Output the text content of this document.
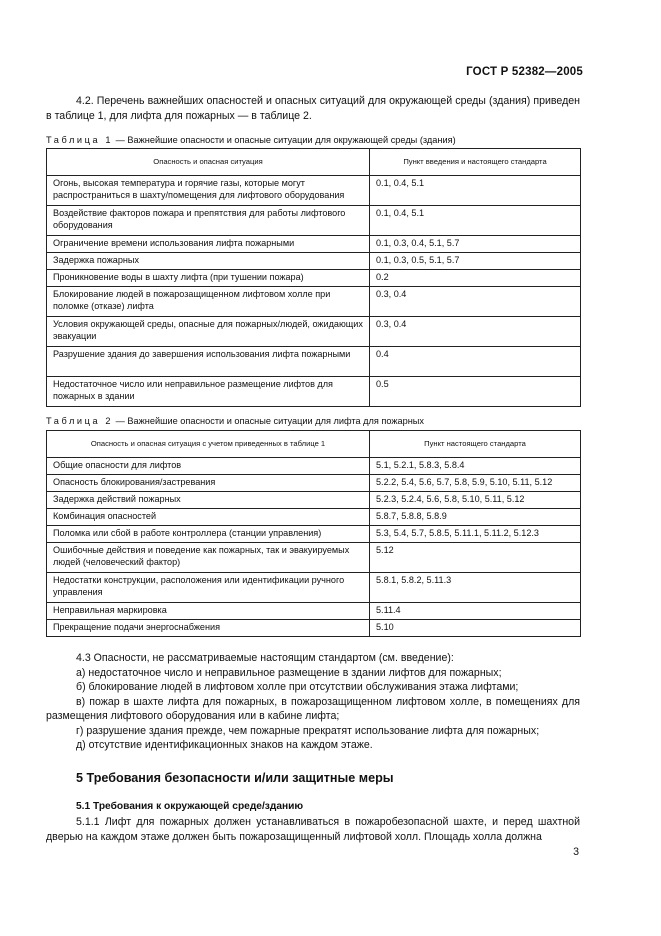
ГОСТ Р 52382—2005
4.2. Перечень важнейших опасностей и опасных ситуаций для окружающей среды (здания) приведен в таблице 1, для лифта для пожарных — в таблице 2.
Таблица 1 — Важнейшие опасности и опасные ситуации для окружающей среды (здания)
Опасность и опасная ситуация	Пункт введения и настоящего стандарта
Огонь, высокая температура и горячие газы, которые могут распространиться в шахту/помещения для лифтового оборудования	0.1, 0.4, 5.1
Воздействие факторов пожара и препятствия для работы лифтового оборудования	0.1, 0.4, 5.1
Ограничение времени использования лифта пожарными	0.1, 0.3, 0.4, 5.1, 5.7
Задержка пожарных	0.1, 0.3, 0.5, 5.1, 5.7
Проникновение воды в шахту лифта (при тушении пожара)	0.2
Блокирование людей в пожарозащищенном лифтовом холле при поломке (отказе) лифта	0.3, 0.4
Условия окружающей среды, опасные для пожарных/людей, ожидающих эвакуации	0.3, 0.4
Разрушение здания до завершения использования лифта пожарными	0.4
Недостаточное число или неправильное размещение лифтов для пожарных в здании	0.5
Таблица 2 — Важнейшие опасности и опасные ситуации для лифта для пожарных
Опасность и опасная ситуация с учетом приведенных в таблице 1	Пункт настоящего стандарта
Общие опасности для лифтов	5.1, 5.2.1, 5.8.3, 5.8.4
Опасность блокирования/застревания	5.2.2, 5.4, 5.6, 5.7, 5.8, 5.9, 5.10, 5.11, 5.12
Задержка действий пожарных	5.2.3, 5.2.4, 5.6, 5.8, 5.10, 5.11, 5.12
Комбинация опасностей	5.8.7, 5.8.8, 5.8.9
Поломка или сбой в работе контроллера (станции управления)	5.3, 5.4, 5.7, 5.8.5, 5.11.1, 5.11.2, 5.12.3
Ошибочные действия и поведение как пожарных, так и эвакуируемых людей (человеческий фактор)	5.12
Недостатки конструкции, расположения или идентификации ручного управления	5.8.1, 5.8.2, 5.11.3
Неправильная маркировка	5.11.4
Прекращение подачи энергоснабжения	5.10
4.3 Опасности, не рассматриваемые настоящим стандартом (см. введение):
а) недостаточное число и неправильное размещение в здании лифтов для пожарных;
б) блокирование людей в лифтовом холле при отсутствии обслуживания этажа лифтами;
в) пожар в шахте лифта для пожарных, в пожарозащищенном лифтовом холле, в помещениях для размещения лифтового оборудования или в кабине лифта;
г) разрушение здания прежде, чем пожарные прекратят использование лифта для пожарных;
д) отсутствие идентификационных знаков на каждом этаже.
5 Требования безопасности и/или защитные меры
5.1 Требования к окружающей среде/зданию
5.1.1 Лифт для пожарных должен устанавливаться в пожаробезопасной шахте, и перед шахтной дверью на каждом этаже должен быть пожарозащищенный лифтовой холл. Площадь холла должна
3
